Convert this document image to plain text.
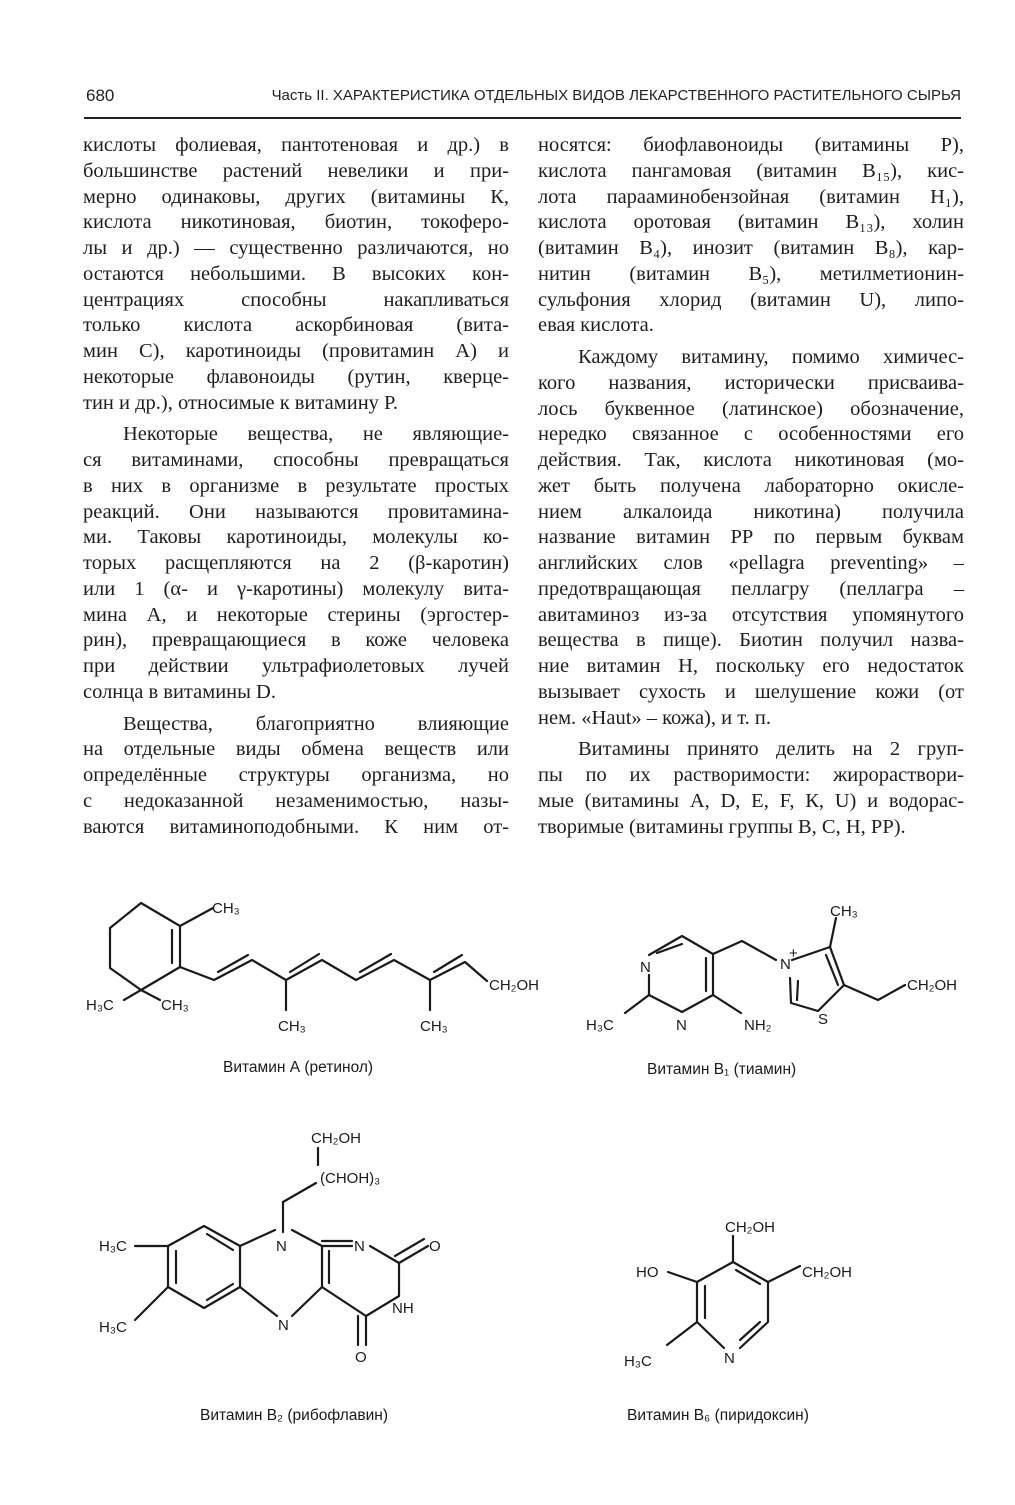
680	Часть II. ХАРАКТЕРИСТИКА ОТДЕЛЬНЫХ ВИДОВ ЛЕКАРСТВЕННОГО РАСТИТЕЛЬНОГО СЫРЬЯ
кислоты фолиевая, пантотеновая и др.) в
большинстве растений невелики и при-
мерно одинаковы, других (витамины К,
кислота никотиновая, биотин, токоферо-
лы и др.) — существенно различаются, но
остаются небольшими. В высоких кон-
центрациях способны накапливаться
только кислота аскорбиновая (вита-
мин С), каротиноиды (провитамин А) и
некоторые флавоноиды (рутин, кверце-
тин и др.), относимые к витамину Р.
Некоторые вещества, не являющие-
ся витаминами, способны превращаться
в них в организме в результате простых
реакций. Они называются провитамина-
ми. Таковы каротиноиды, молекулы ко-
торых расщепляются на 2 (β-каротин)
или 1 (α- и γ-каротины) молекулу вита-
мина А, и некоторые стерины (эргостер-
рин), превращающиеся в коже человека
при действии ультрафиолетовых лучей
солнца в витамины D.
Вещества, благоприятно влияющие
на отдельные виды обмена веществ или
определённые структуры организма, но
с недоказанной незаменимостью, назы-
ваются витаминоподобными. К ним от-
носятся: биофлавоноиды (витамины Р),
кислота пангамовая (витамин B₁₅), кис-
лота парааминобензойная (витамин H₁),
кислота оротовая (витамин B₁₃), холин
(витамин B₄), инозит (витамин B₈), кар-
нитин (витамин B₅), метилметионин-
сульфония хлорид (витамин U), липо-
евая кислота.
Каждому витамину, помимо химичес-
кого названия, исторически присваива-
лось буквенное (латинское) обозначение,
нередко связанное с особенностями его
действия. Так, кислота никотиновая (мо-
жет быть получена лабораторно окисле-
нием алкалоида никотина) получила
название витамин РР по первым буквам
английских слов «pellagra preventing» –
предотвращающая пеллагру (пеллагра –
авитаминоз из-за отсутствия упомянутого
вещества в пище). Биотин получил назва-
ние витамин Н, поскольку его недостаток
вызывает сухость и шелушение кожи (от
нем. «Haut» – кожа), и т. п.
Витамины принято делить на 2 груп-
пы по их растворимости: жирораствори-
мые (витамины А, D, Е, F, К, U) и водорас-
творимые (витамины группы В, С, Н, РР).
CH₃
H₃C	CH₃
CH₃	CH₃
CH₂OH
Витамин А (ретинол)
N
N
H₃C	NH₂
N
+
S
CH₃
CH₂OH
Витамин B₁ (тиамин)
CH₂OH
(CHOH)₃
N	N
N
NH
O
O
H₃C
H₃C
Витамин B₂ (рибофлавин)
CH₂OH
CH₂OH
HO
H₃C	N
Витамин B₆ (пиридоксин)
